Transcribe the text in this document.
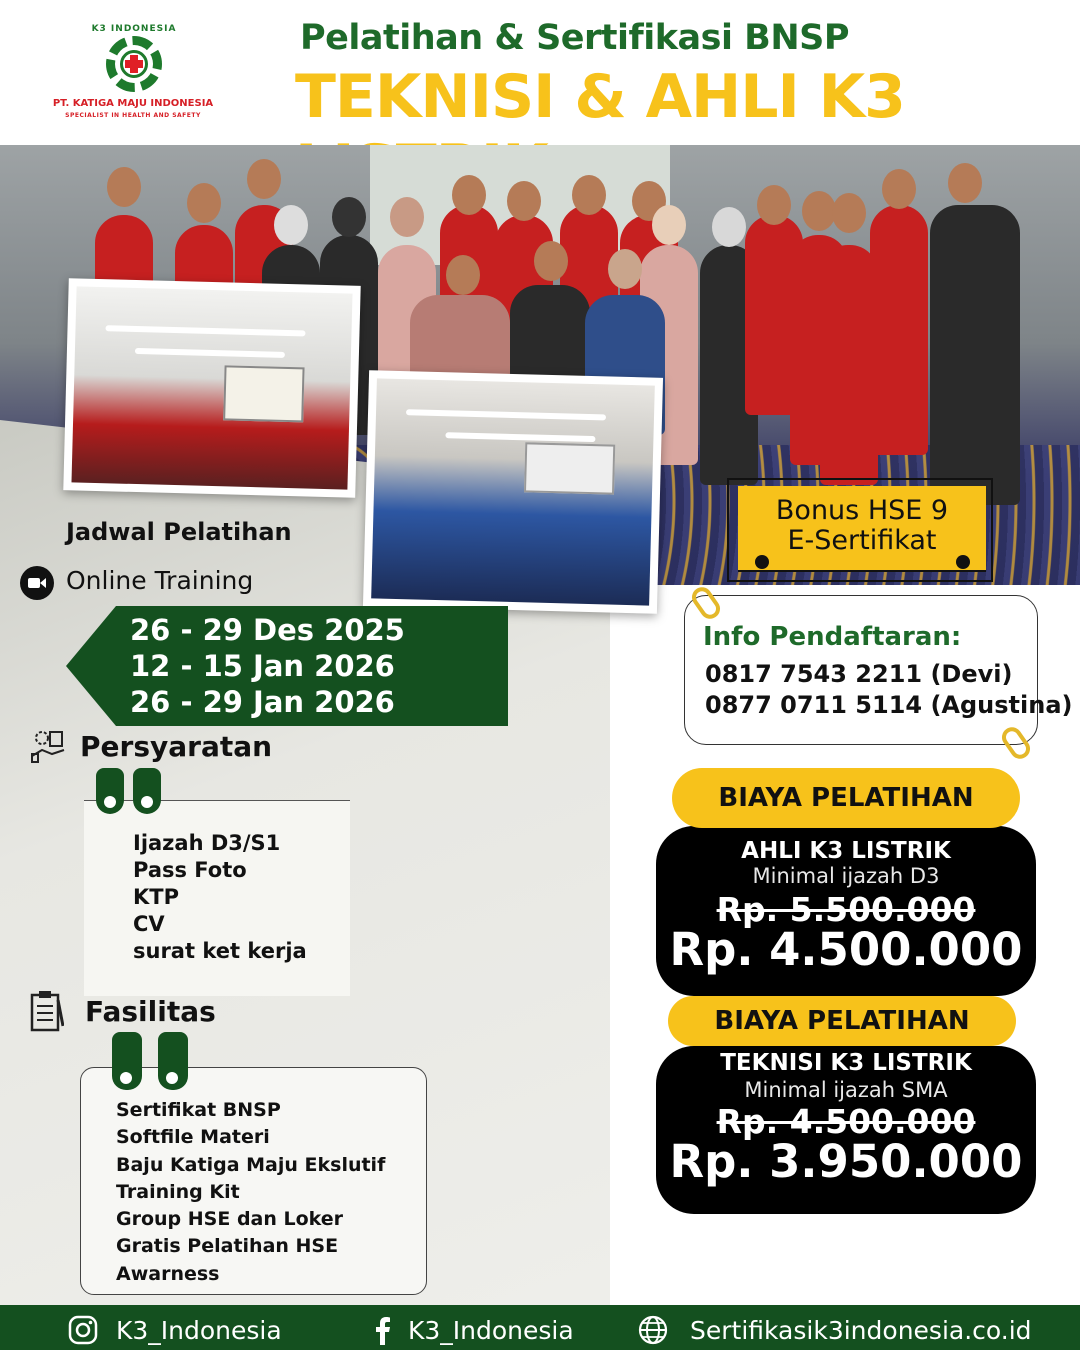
K3 INDONESIA
PT. KATIGA MAJU INDONESIA
SPECIALIST IN HEALTH AND SAFETY
Pelatihan & Sertifikasi BNSP
TEKNISI & AHLI K3
Jadwal Pelatihan
Online Training
26 - 29 Des 2025
12 - 15 Jan 2026
26 - 29 Jan 2026
Persyaratan
Ijazah D3/S1
Pass Foto
KTP
CV
surat ket kerja
Fasilitas
Sertifikat BNSP
Softfile Materi
Baju Katiga Maju Ekslutif
Training Kit
Group HSE dan Loker
Gratis Pelatihan HSE
Awarness
Bonus HSE 9
E-Sertifikat
Info Pendaftaran:
0817 7543 2211 (Devi)
0877 0711 5114 (Agustina)
AHLI K3 LISTRIK
Minimal ijazah D3
Rp. 5.500.000
Rp. 4.500.000
BIAYA PELATIHAN
TEKNISI K3 LISTRIK
Minimal ijazah SMA
Rp. 4.500.000
Rp. 3.950.000
BIAYA PELATIHAN
K3_Indonesia	K3_Indonesia	Sertifikasik3indonesia.co.id
